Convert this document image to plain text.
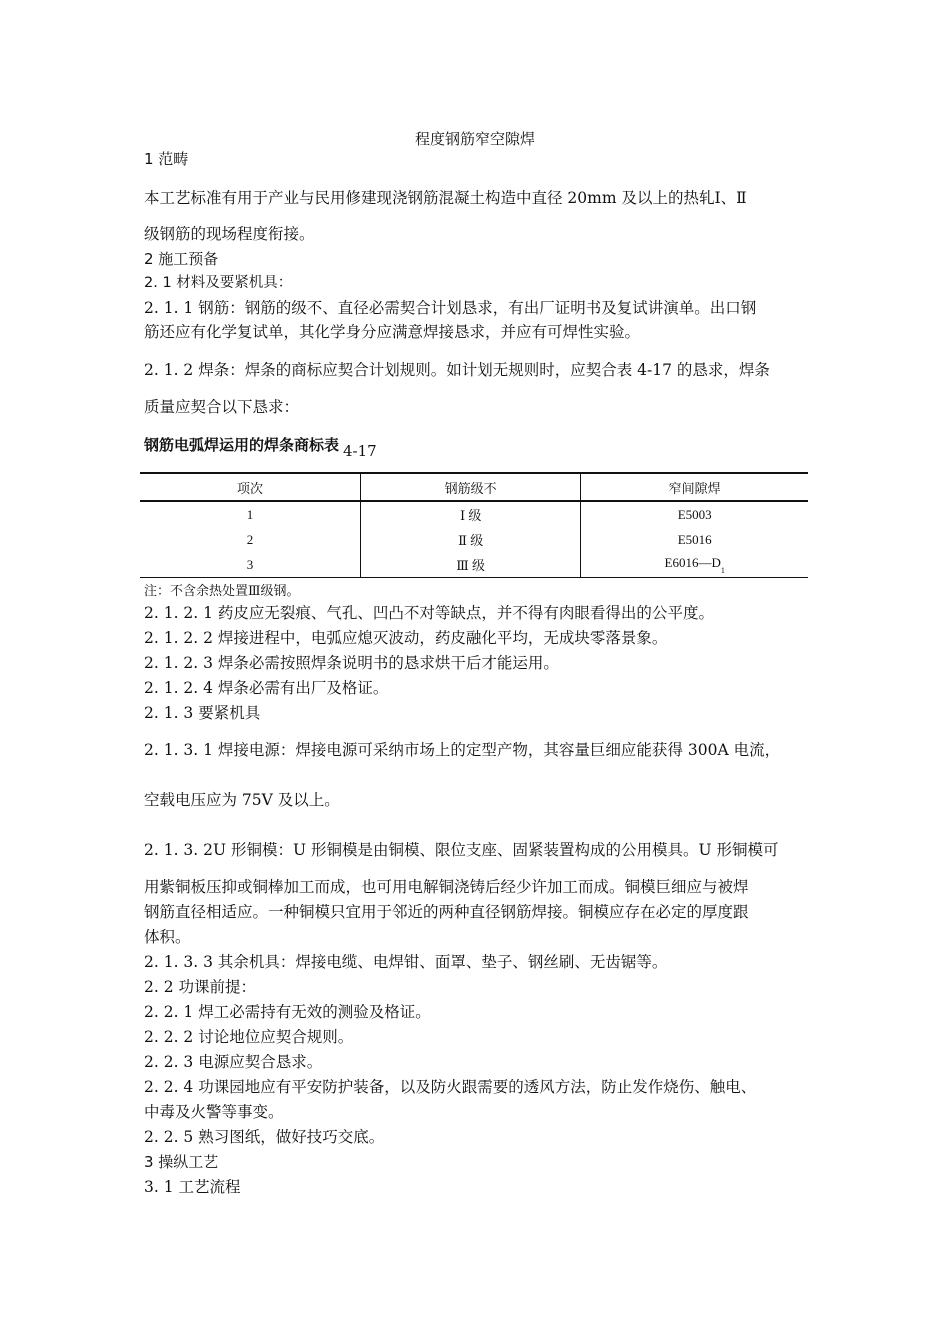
程度钢筋窄空隙焊
1 范畴
本工艺标准有用于产业与民用修建现浇钢筋混凝土构造中直径 20mm 及以上的热轧Ⅰ、Ⅱ
级钢筋的现场程度衔接。
2 施工预备
2. 1 材料及要紧机具：
2. 1. 1 钢筋：钢筋的级不、直径必需契合计划恳求，有出厂证明书及复试讲演单。出口钢
筋还应有化学复试单，其化学身分应满意焊接恳求，并应有可焊性实验。
2. 1. 2 焊条：焊条的商标应契合计划规则。如计划无规则时，应契合表 4-17 的恳求，焊条
质量应契合以下恳求：
钢筋电弧焊运用的焊条商标表 4-17
项次	钢筋级不	窄间隙焊
1	Ⅰ 级	E5003
2	Ⅱ 级	E5016
3	Ⅲ 级	$E6016—D_1$
注：不含余热处置Ⅲ级钢。
2. 1. 2. 1 药皮应无裂痕、气孔、凹凸不对等缺点，并不得有肉眼看得出的公平度。
2. 1. 2. 2 焊接进程中，电弧应熄灭波动，药皮融化平均，无成块零落景象。
2. 1. 2. 3 焊条必需按照焊条说明书的恳求烘干后才能运用。
2. 1. 2. 4 焊条必需有出厂及格证。
2. 1. 3 要紧机具
2. 1. 3. 1 焊接电源：焊接电源可采纳市场上的定型产物，其容量巨细应能获得 300A 电流，
空载电压应为 75V 及以上。
2. 1. 3. 2U 形铜模：U 形铜模是由铜模、限位支座、固紧装置构成的公用模具。U 形铜模可
用紫铜板压抑或铜棒加工而成，也可用电解铜浇铸后经少许加工而成。铜模巨细应与被焊
钢筋直径相适应。一种铜模只宜用于邻近的两种直径钢筋焊接。铜模应存在必定的厚度跟
体积。
2. 1. 3. 3 其余机具：焊接电缆、电焊钳、面罩、垫子、钢丝刷、无齿锯等。
2. 2 功课前提：
2. 2. 1 焊工必需持有无效的测验及格证。
2. 2. 2 讨论地位应契合规则。
2. 2. 3 电源应契合恳求。
2. 2. 4 功课园地应有平安防护装备，以及防火跟需要的透风方法，防止发作烧伤、触电、
中毒及火警等事变。
2. 2. 5 熟习图纸，做好技巧交底。
3 操纵工艺
3. 1 工艺流程
